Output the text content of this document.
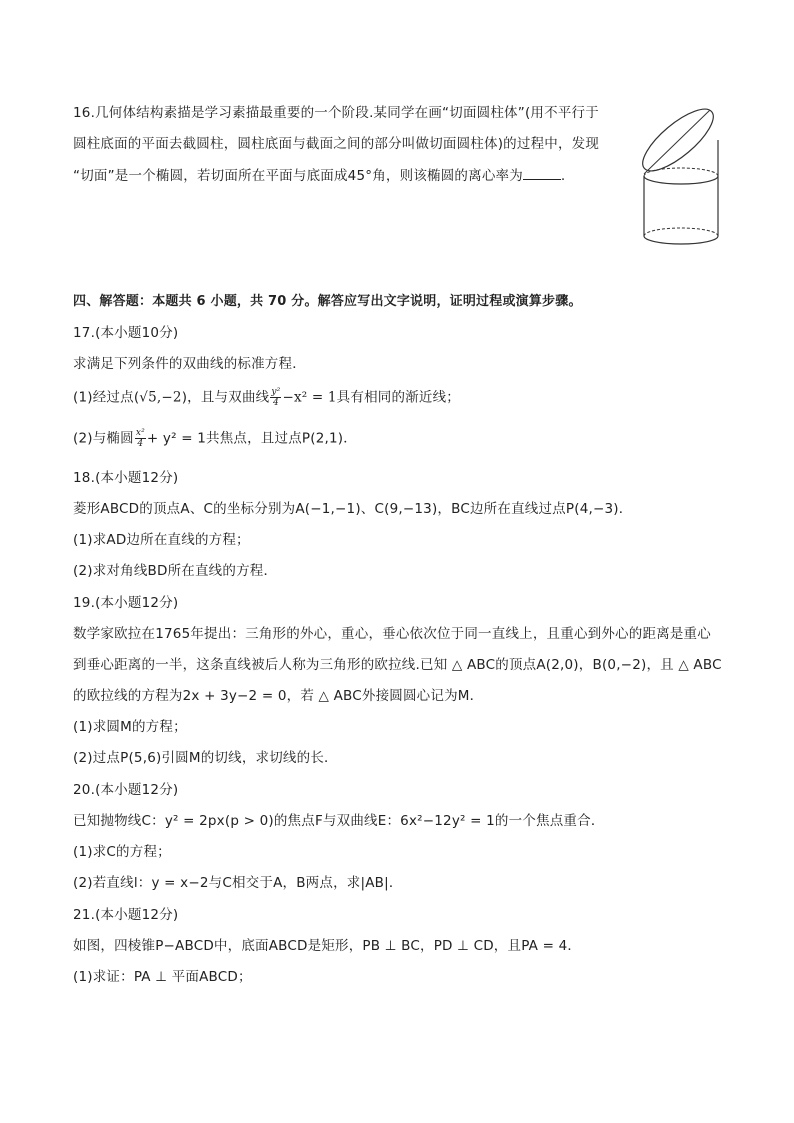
16.几何体结构素描是学习素描最重要的一个阶段.某同学在画“切面圆柱体”(用不平行于
圆柱底面的平面去截圆柱，圆柱底面与截面之间的部分叫做切面圆柱体)的过程中，发现
“切面”是一个椭圆，若切面所在平面与底面成45°角，则该椭圆的离心率为	.
四、解答题：本题共 6 小题，共 70 分。解答应写出文字说明，证明过程或演算步骤。
17.(本小题10分)
求满足下列条件的双曲线的标准方程．
(1)经过点(√5,−2)，且与双曲线 $\frac{\text{y²}}{4} -x^2 = 1$具有相同的渐近线；
(2)与椭圆 $\frac{\text{x²}}{4} + y^2 = 1$共焦点，且过点P(2,1)．
18.(本小题12分)
菱形ABCD的顶点A、C的坐标分别为A(−1,−1)、C(9,−13)，BC边所在直线过点P(4,−3)．
(1)求AD边所在直线的方程；
(2)求对角线BD所在直线的方程．
19.(本小题12分)
数学家欧拉在1765年提出：三角形的外心，重心，垂心依次位于同一直线上，且重心到外心的距离是重心
到垂心距离的一半，这条直线被后人称为三角形的欧拉线.已知 △ ABC的顶点A(2,0)，B(0,−2)，且 △ ABC
的欧拉线的方程为2x + 3y−2 = 0，若 △ ABC外接圆圆心记为M．
(1)求圆M的方程；
(2)过点P(5,6)引圆M的切线，求切线的长．
20.(本小题12分)
已知抛物线C：y² = 2px(p > 0)的焦点F与双曲线E：6x²−12y² = 1的一个焦点重合．
(1)求C的方程；
(2)若直线l：y = x−2与C相交于A，B两点，求|AB|．
21.(本小题12分)
如图，四棱锥P−ABCD中，底面ABCD是矩形，PB ⊥ BC，PD ⊥ CD，且PA = 4．
(1)求证：PA ⊥ 平面ABCD；
